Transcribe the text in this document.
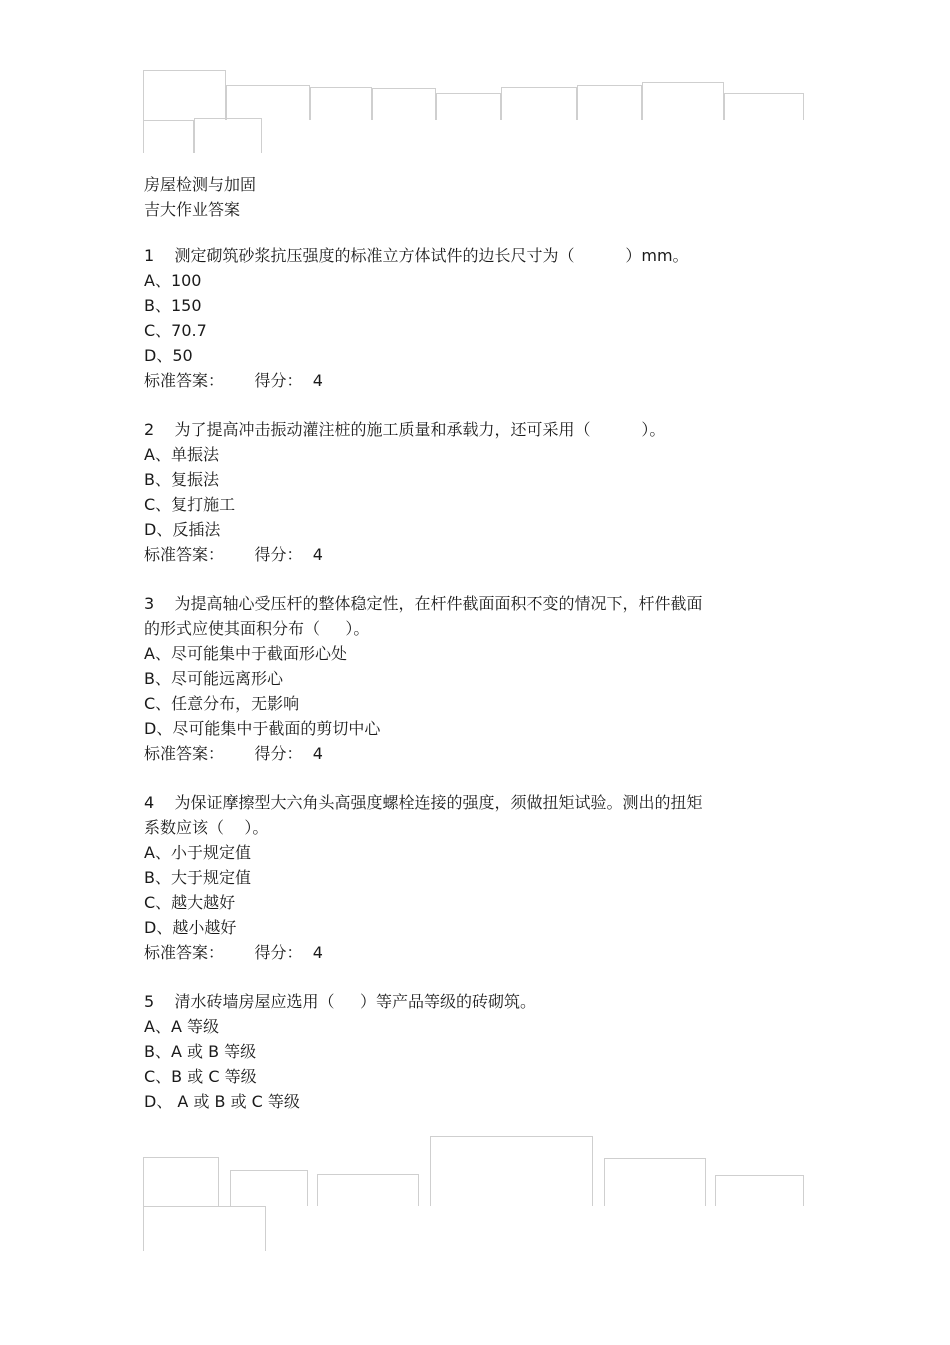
房屋检测与加固
吉大作业答案
1    测定砌筑砂浆抗压强度的标准立方体试件的边长尺寸为（          ）mm。
A、100
B、150
C、70.7
D、50
标准答案：      得分：  4
2    为了提高冲击振动灌注桩的施工质量和承载力，还可采用（          ）。
A、单振法
B、复振法
C、复打施工
D、反插法
标准答案：      得分：  4
3    为提高轴心受压杆的整体稳定性，在杆件截面面积不变的情况下，杆件截面
的形式应使其面积分布（     ）。
A、尽可能集中于截面形心处
B、尽可能远离形心
C、任意分布，无影响
D、尽可能集中于截面的剪切中心
标准答案：      得分：  4
4    为保证摩擦型大六角头高强度螺栓连接的强度，须做扭矩试验。测出的扭矩
系数应该（    ）。
A、小于规定值
B、大于规定值
C、越大越好
D、越小越好
标准答案：      得分：  4
5    清水砖墙房屋应选用（     ）等产品等级的砖砌筑。
A、A 等级
B、A 或 B 等级
C、B 或 C 等级
D、 A 或 B 或 C 等级
